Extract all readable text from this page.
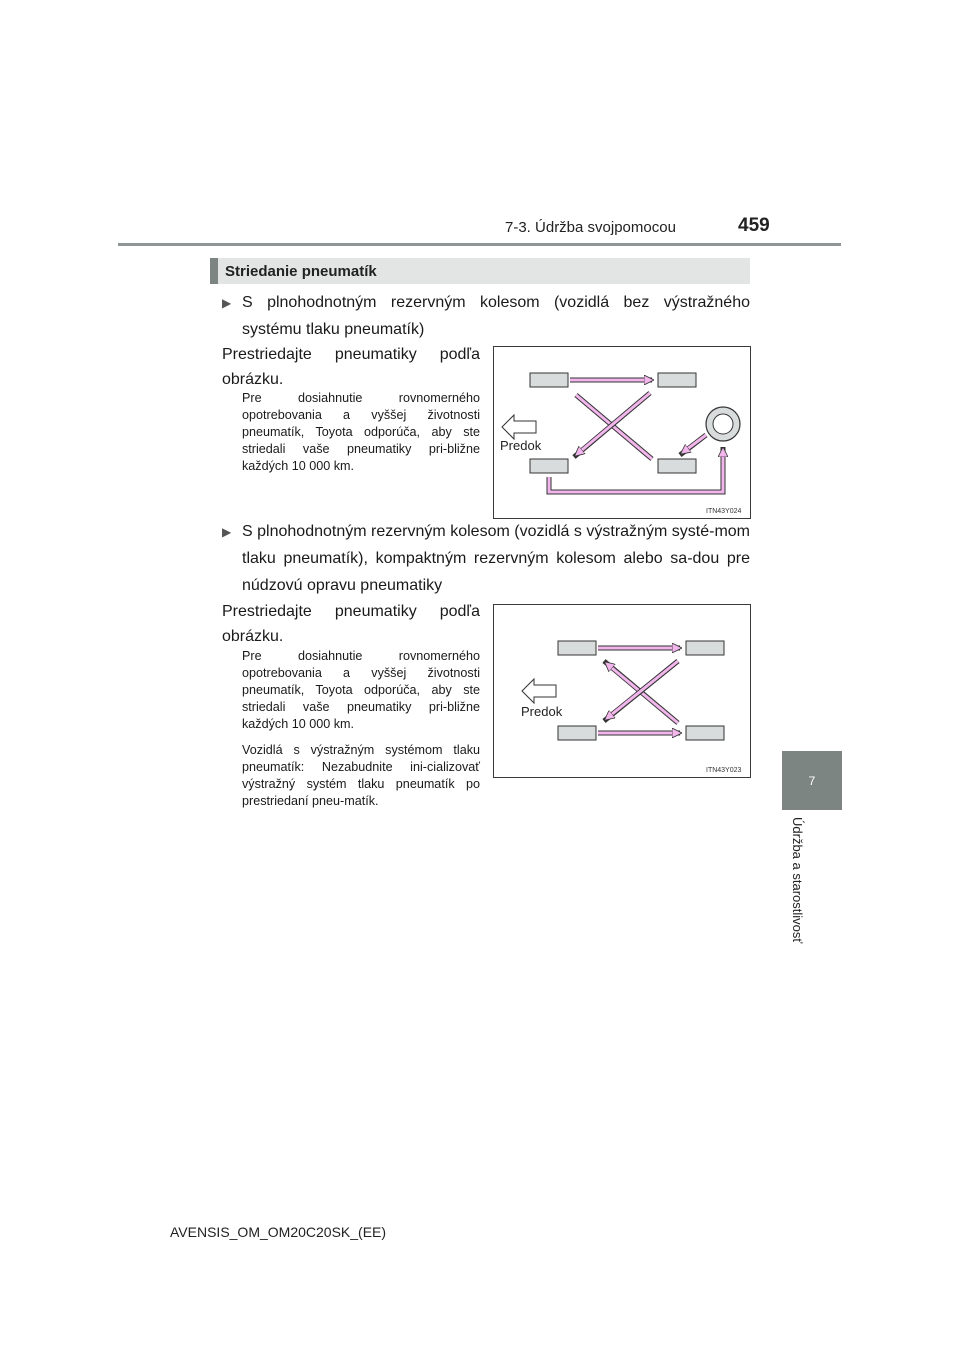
7-3. Údržba svojpomocou	459
7
Údržba a starostlivosť
Striedanie pneumatík
▶ S plnohodnotným rezervným kolesom (vozidlá bez výstražného systému tlaku pneumatík)
Prestriedajte pneumatiky podľa obrázku.
Pre dosiahnutie rovnomerného opotrebovania a vyššej životnosti pneumatík, Toyota odporúča, aby ste striedali vaše pneumatiky pri-bližne každých 10 000 km.
Predok
ITN43Y024
▶ S plnohodnotným rezervným kolesom (vozidlá s výstražným systé-mom tlaku pneumatík), kompaktným rezervným kolesom alebo sa-dou pre núdzovú opravu pneumatiky
Prestriedajte pneumatiky podľa obrázku.
Pre dosiahnutie rovnomerného opotrebovania a vyššej životnosti pneumatík, Toyota odporúča, aby ste striedali vaše pneumatiky pri-bližne každých 10 000 km.
Vozidlá s výstražným systémom tlaku pneumatík: Nezabudnite ini-cializovať výstražný systém tlaku pneumatík po prestriedaní pneu-matík.
Predok
ITN43Y023
AVENSIS_OM_OM20C20SK_(EE)
